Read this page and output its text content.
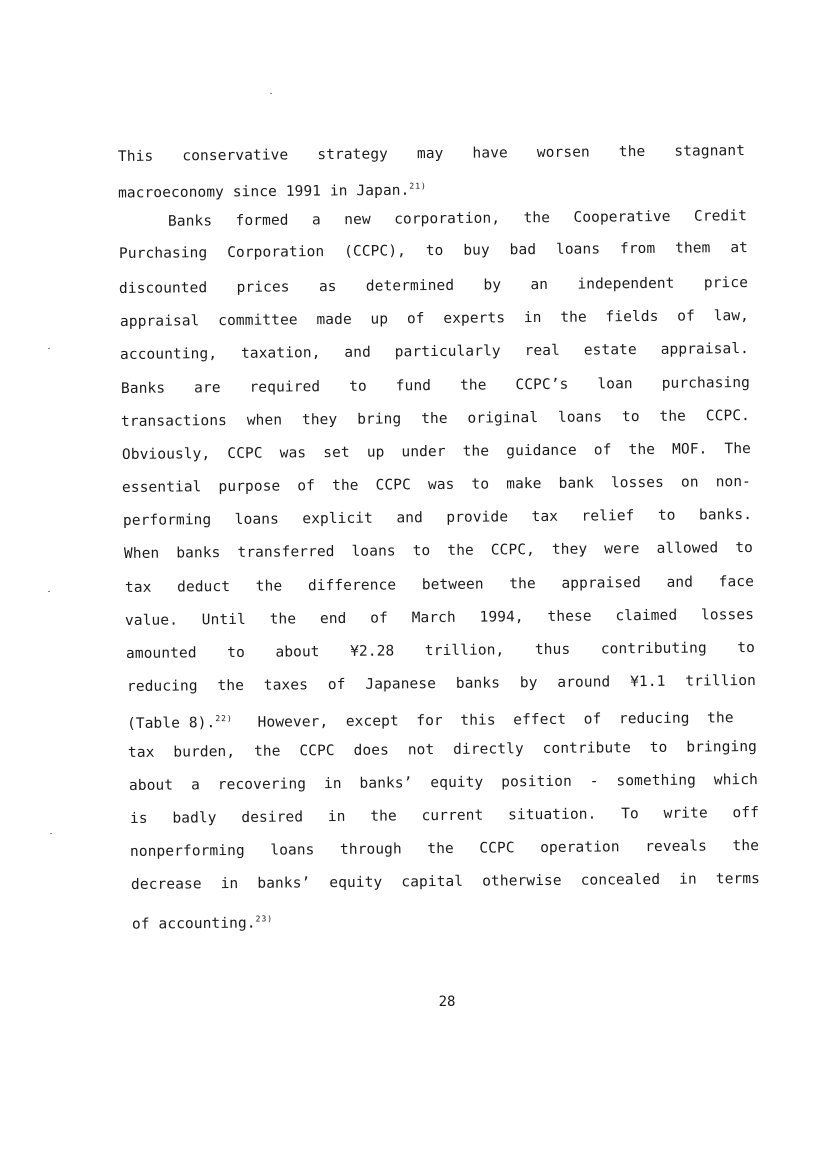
This conservative strategy may have worsen the stagnant
macroeconomy since 1991 in Japan.$^{21)}$
Banks formed a new corporation, the Cooperative Credit
Purchasing Corporation (CCPC), to buy bad loans from them at
discounted prices as determined by an independent price
appraisal committee made up of experts in the fields of law,
accounting, taxation, and particularly real estate appraisal.
Banks are required to fund the CCPC’s loan purchasing
transactions when they bring the original loans to the CCPC.
Obviously, CCPC was set up under the guidance of the MOF. The
essential purpose of the CCPC was to make bank losses on non-
performing loans explicit and provide tax relief to banks.
When banks transferred loans to the CCPC, they were allowed to
tax deduct the difference between the appraised and face
value. Until the end of March 1994, these claimed losses
amounted to about ¥2.28 trillion, thus contributing to
reducing the taxes of Japanese banks by around ¥1.1 trillion
(Table 8).$^{22)}$ However, except for this effect of reducing the
tax burden, the CCPC does not directly contribute to bringing
about a recovering in banks’ equity position - something which
is badly desired in the current situation. To write off
nonperforming loans through the CCPC operation reveals the
decrease in banks’ equity capital otherwise concealed in terms
of accounting.$^{23)}$
28
